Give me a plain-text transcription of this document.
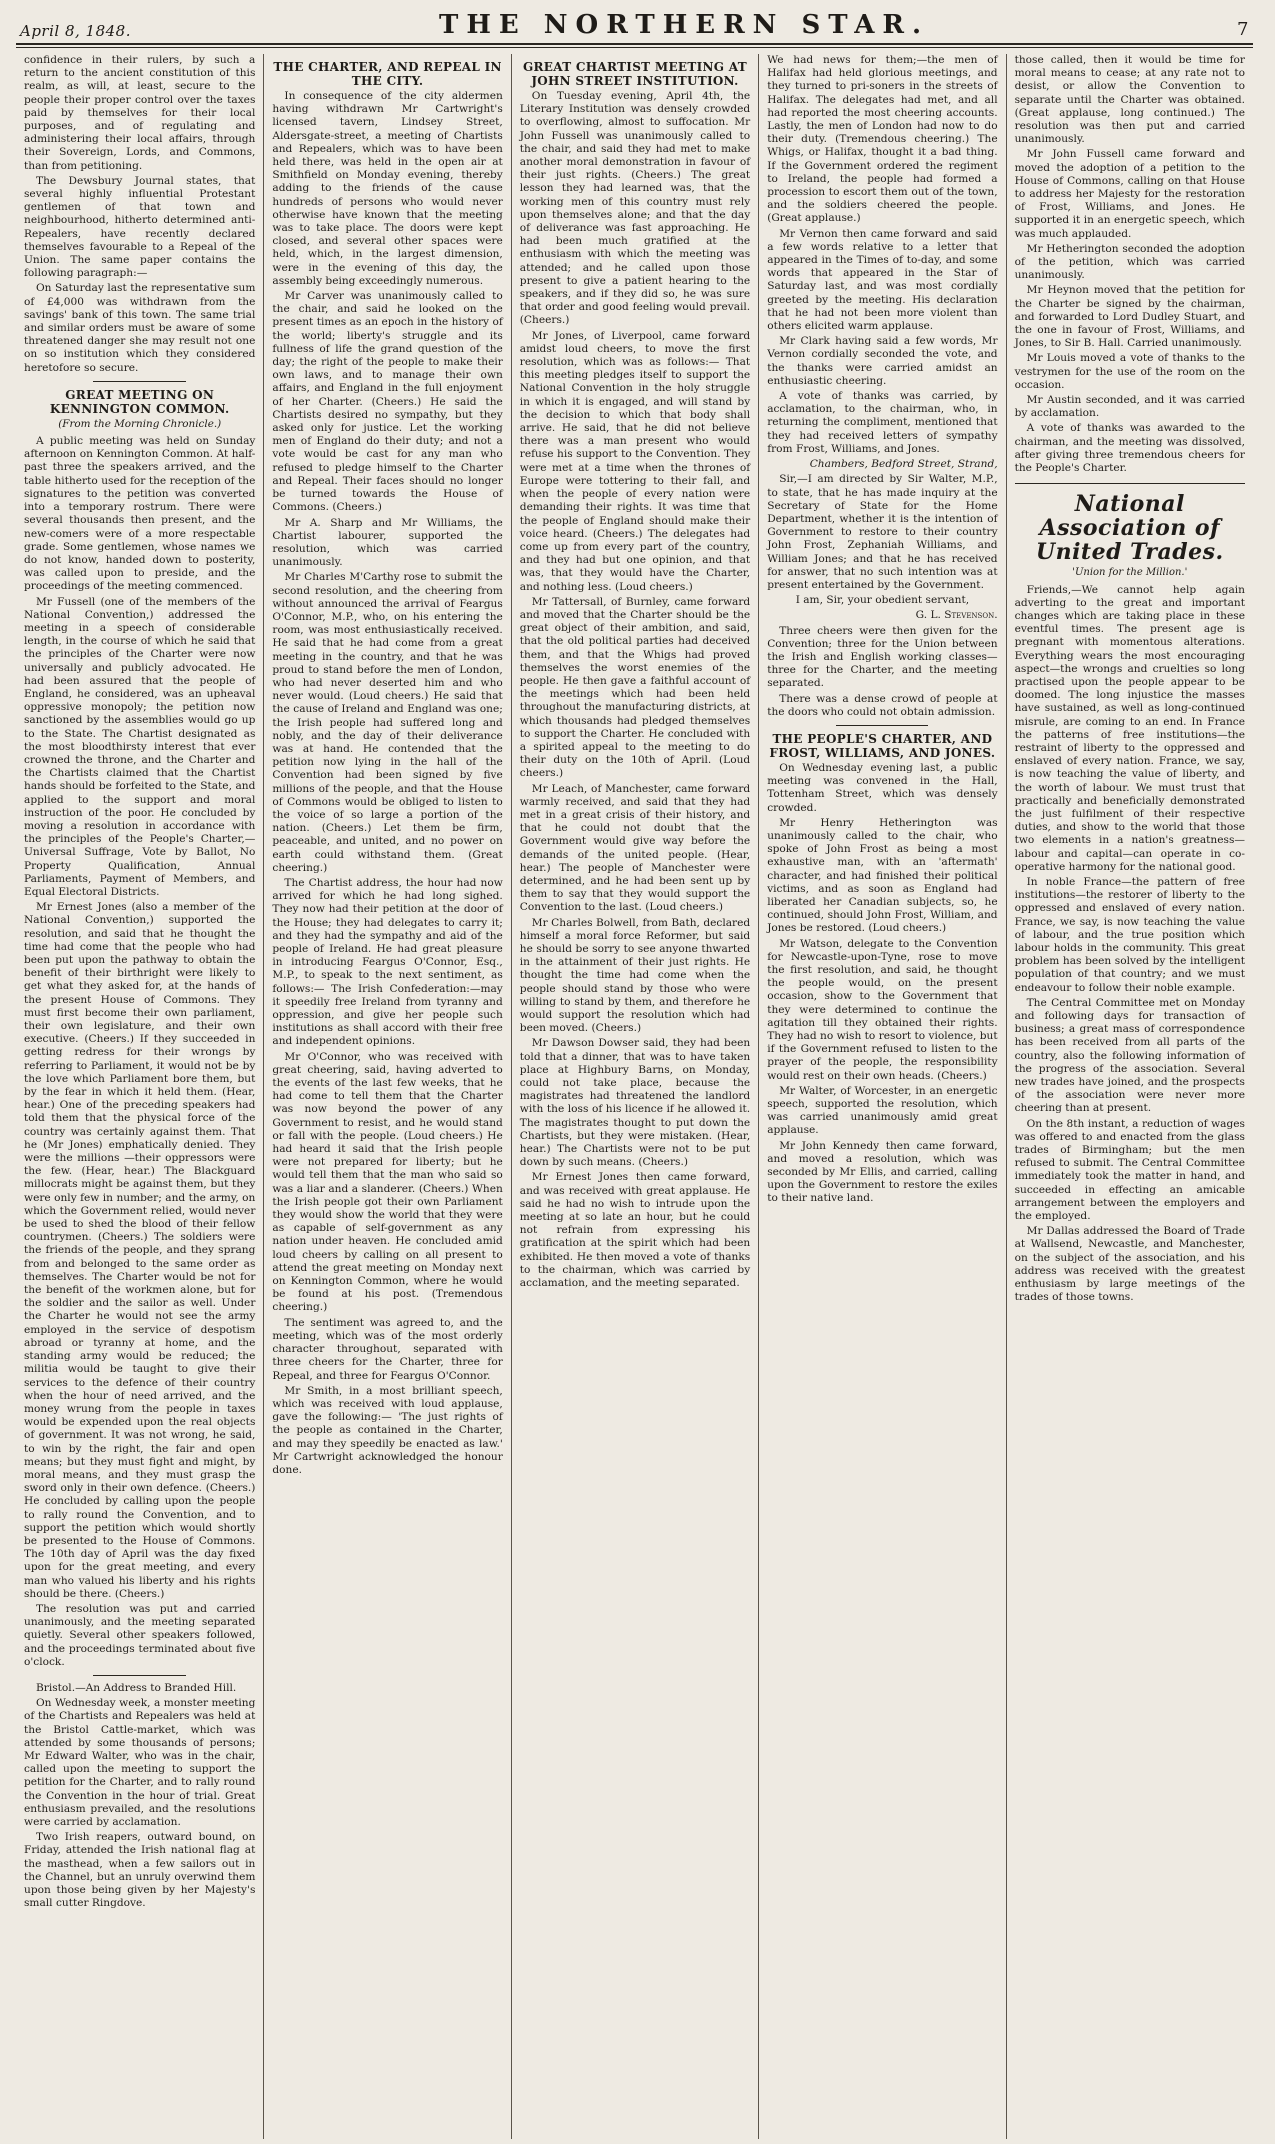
April 8, 1848.	THE NORTHERN STAR.	7

confidence in their rulers, by such a return to the ancient constitution of this realm, as will, at least, secure to the people their proper control over the taxes paid by themselves for their local purposes, and of regulating and administering their local affairs, through their Sovereign, Lords, and Commons, than from petitioning.

The Dewsbury Journal states, that several highly influential Protestant gentlemen of that town and neighbourhood, hitherto determined anti-Repealers, have recently declared themselves favourable to a Repeal of the Union. The same paper contains the following paragraph:—

On Saturday last the representative sum of £4,000 was withdrawn from the savings' bank of this town. The same trial and similar orders must be aware of some threatened danger she may result not one on so institution which they considered heretofore so secure.

GREAT MEETING ON KENNINGTON COMMON.
(From the Morning Chronicle.)

A public meeting was held on Sunday afternoon on Kennington Common. At half-past three the speakers arrived, and the table hitherto used for the reception of the signatures to the petition was converted into a temporary rostrum. There were several thousands then present, and the new-comers were of a more respectable grade. Some gentlemen, whose names we do not know, handed down to posterity, was called upon to preside, and the proceedings of the meeting commenced.

Mr Fussell (one of the members of the National Convention,) addressed the meeting in a speech of considerable length, in the course of which he said that the principles of the Charter were now universally and publicly advocated. He had been assured that the people of England, he considered, was an upheaval oppressive monopoly; the petition now sanctioned by the assemblies would go up to the State. The Chartist designated as the most bloodthirsty interest that ever crowned the throne, and the Charter and the Chartists claimed that the Chartist hands should be forfeited to the State, and applied to the support and moral instruction of the poor. He concluded by moving a resolution in accordance with the principles of the People's Charter,—Universal Suffrage, Vote by Ballot, No Property Qualification, Annual Parliaments, Payment of Members, and Equal Electoral Districts.

Mr Ernest Jones (also a member of the National Convention,) supported the resolution, and said that he thought the time had come that the people who had been put upon the pathway to obtain the benefit of their birthright were likely to get what they asked for, at the hands of the present House of Commons. They must first become their own parliament, their own legislature, and their own executive. (Cheers.) If they succeeded in getting redress for their wrongs by referring to Parliament, it would not be by the love which Parliament bore them, but by the fear in which it held them. (Hear, hear.) One of the preceding speakers had told them that the physical force of the country was certainly against them. That he (Mr Jones) emphatically denied. They were the millions —their oppressors were the few. (Hear, hear.) The Blackguard millocrats might be against them, but they were only few in number; and the army, on which the Government relied, would never be used to shed the blood of their fellow countrymen. (Cheers.) The soldiers were the friends of the people, and they sprang from and belonged to the same order as themselves. The Charter would be not for the benefit of the workmen alone, but for the soldier and the sailor as well. Under the Charter he would not see the army employed in the service of despotism abroad or tyranny at home, and the standing army would be reduced; the militia would be taught to give their services to the defence of their country when the hour of need arrived, and the money wrung from the people in taxes would be expended upon the real objects of government. It was not wrong, he said, to win by the right, the fair and open means; but they must fight and might, by moral means, and they must grasp the sword only in their own defence. (Cheers.) He concluded by calling upon the people to rally round the Convention, and to support the petition which would shortly be presented to the House of Commons. The 10th day of April was the day fixed upon for the great meeting, and every man who valued his liberty and his rights should be there. (Cheers.)

The resolution was put and carried unanimously, and the meeting separated quietly. Several other speakers followed, and the proceedings terminated about five o'clock.

Bristol.—An Address to Branded Hill.

On Wednesday week, a monster meeting of the Chartists and Repealers was held at the Bristol Cattle-market, which was attended by some thousands of persons; Mr Edward Walter, who was in the chair, called upon the meeting to support the petition for the Charter, and to rally round the Convention in the hour of trial. Great enthusiasm prevailed, and the resolutions were carried by acclamation.

Two Irish reapers, outward bound, on Friday, attended the Irish national flag at the masthead, when a few sailors out in the Channel, but an unruly overwind them upon those being given by her Majesty's small cutter Ringdove.

THE CHARTER, AND REPEAL IN THE CITY.

In consequence of the city aldermen having withdrawn Mr Cartwright's licensed tavern, Lindsey Street, Aldersgate-street, a meeting of Chartists and Repealers, which was to have been held there, was held in the open air at Smithfield on Monday evening, thereby adding to the friends of the cause hundreds of persons who would never otherwise have known that the meeting was to take place. The doors were kept closed, and several other spaces were held, which, in the largest dimension, were in the evening of this day, the assembly being exceedingly numerous.

Mr Carver was unanimously called to the chair, and said he looked on the present times as an epoch in the history of the world; liberty's struggle and its fullness of life the grand question of the day; the right of the people to make their own laws, and to manage their own affairs, and England in the full enjoyment of her Charter. (Cheers.) He said the Chartists desired no sympathy, but they asked only for justice. Let the working men of England do their duty; and not a vote would be cast for any man who refused to pledge himself to the Charter and Repeal. Their faces should no longer be turned towards the House of Commons. (Cheers.)

Mr A. Sharp and Mr Williams, the Chartist labourer, supported the resolution, which was carried unanimously.

Mr Charles M'Carthy rose to submit the second resolution, and the cheering from without announced the arrival of Feargus O'Connor, M.P., who, on his entering the room, was most enthusiastically received. He said that he had come from a great meeting in the country, and that he was proud to stand before the men of London, who had never deserted him and who never would. (Loud cheers.) He said that the cause of Ireland and England was one; the Irish people had suffered long and nobly, and the day of their deliverance was at hand. He contended that the petition now lying in the hall of the Convention had been signed by five millions of the people, and that the House of Commons would be obliged to listen to the voice of so large a portion of the nation. (Cheers.) Let them be firm, peaceable, and united, and no power on earth could withstand them. (Great cheering.)

The Chartist address, the hour had now arrived for which he had long sighed. They now had their petition at the door of the House; they had delegates to carry it; and they had the sympathy and aid of the people of Ireland. He had great pleasure in introducing Feargus O'Connor, Esq., M.P., to speak to the next sentiment, as follows:— The Irish Confederation:—may it speedily free Ireland from tyranny and oppression, and give her people such institutions as shall accord with their free and independent opinions.

Mr O'Connor, who was received with great cheering, said, having adverted to the events of the last few weeks, that he had come to tell them that the Charter was now beyond the power of any Government to resist, and he would stand or fall with the people. (Loud cheers.) He had heard it said that the Irish people were not prepared for liberty; but he would tell them that the man who said so was a liar and a slanderer. (Cheers.) When the Irish people got their own Parliament they would show the world that they were as capable of self-government as any nation under heaven. He concluded amid loud cheers by calling on all present to attend the great meeting on Monday next on Kennington Common, where he would be found at his post. (Tremendous cheering.)

The sentiment was agreed to, and the meeting, which was of the most orderly character throughout, separated with three cheers for the Charter, three for Repeal, and three for Feargus O'Connor.

Mr Smith, in a most brilliant speech, which was received with loud applause, gave the following:— 'The just rights of the people as contained in the Charter, and may they speedily be enacted as law.' Mr Cartwright acknowledged the honour done.

GREAT CHARTIST MEETING AT JOHN STREET INSTITUTION.

On Tuesday evening, April 4th, the Literary Institution was densely crowded to overflowing, almost to suffocation. Mr John Fussell was unanimously called to the chair, and said they had met to make another moral demonstration in favour of their just rights. (Cheers.) The great lesson they had learned was, that the working men of this country must rely upon themselves alone; and that the day of deliverance was fast approaching. He had been much gratified at the enthusiasm with which the meeting was attended; and he called upon those present to give a patient hearing to the speakers, and if they did so, he was sure that order and good feeling would prevail. (Cheers.)

Mr Jones, of Liverpool, came forward amidst loud cheers, to move the first resolution, which was as follows:— That this meeting pledges itself to support the National Convention in the holy struggle in which it is engaged, and will stand by the decision to which that body shall arrive. He said, that he did not believe there was a man present who would refuse his support to the Convention. They were met at a time when the thrones of Europe were tottering to their fall, and when the people of every nation were demanding their rights. It was time that the people of England should make their voice heard. (Cheers.) The delegates had come up from every part of the country, and they had but one opinion, and that was, that they would have the Charter, and nothing less. (Loud cheers.)

Mr Tattersall, of Burnley, came forward and moved that the Charter should be the great object of their ambition, and said, that the old political parties had deceived them, and that the Whigs had proved themselves the worst enemies of the people. He then gave a faithful account of the meetings which had been held throughout the manufacturing districts, at which thousands had pledged themselves to support the Charter. He concluded with a spirited appeal to the meeting to do their duty on the 10th of April. (Loud cheers.)

Mr Leach, of Manchester, came forward warmly received, and said that they had met in a great crisis of their history, and that he could not doubt that the Government would give way before the demands of the united people. (Hear, hear.) The people of Manchester were determined, and he had been sent up by them to say that they would support the Convention to the last. (Loud cheers.)

Mr Charles Bolwell, from Bath, declared himself a moral force Reformer, but said he should be sorry to see anyone thwarted in the attainment of their just rights. He thought the time had come when the people should stand by those who were willing to stand by them, and therefore he would support the resolution which had been moved. (Cheers.)

Mr Dawson Dowser said, they had been told that a dinner, that was to have taken place at Highbury Barns, on Monday, could not take place, because the magistrates had threatened the landlord with the loss of his licence if he allowed it. The magistrates thought to put down the Chartists, but they were mistaken. (Hear, hear.) The Chartists were not to be put down by such means. (Cheers.)

Mr Ernest Jones then came forward, and was received with great applause. He said he had no wish to intrude upon the meeting at so late an hour, but he could not refrain from expressing his gratification at the spirit which had been exhibited. He then moved a vote of thanks to the chairman, which was carried by acclamation, and the meeting separated.

We had news for them;—the men of Halifax had held glorious meetings, and they turned to pri-soners in the streets of Halifax. The delegates had met, and all had reported the most cheering accounts. Lastly, the men of London had now to do their duty. (Tremendous cheering.) The Whigs, or Halifax, thought it a bad thing. If the Government ordered the regiment to Ireland, the people had formed a procession to escort them out of the town, and the soldiers cheered the people. (Great applause.)

Mr Vernon then came forward and said a few words relative to a letter that appeared in the Times of to-day, and some words that appeared in the Star of Saturday last, and was most cordially greeted by the meeting. His declaration that he had not been more violent than others elicited warm applause.

Mr Clark having said a few words, Mr Vernon cordially seconded the vote, and the thanks were carried amidst an enthusiastic cheering.

A vote of thanks was carried, by acclamation, to the chairman, who, in returning the compliment, mentioned that they had received letters of sympathy from Frost, Williams, and Jones.

Chambers, Bedford Street, Strand,

Sir,—I am directed by Sir Walter, M.P., to state, that he has made inquiry at the Secretary of State for the Home Department, whether it is the intention of Government to restore to their country John Frost, Zephaniah Williams, and William Jones; and that he has received for answer, that no such intention was at present entertained by the Government.

I am, Sir, your obedient servant,

G. L. Stevenson.

Three cheers were then given for the Convention; three for the Union between the Irish and English working classes—three for the Charter, and the meeting separated.

There was a dense crowd of people at the doors who could not obtain admission.

THE PEOPLE'S CHARTER, AND FROST, WILLIAMS, AND JONES.

On Wednesday evening last, a public meeting was convened in the Hall, Tottenham Street, which was densely crowded.

Mr Henry Hetherington was unanimously called to the chair, who spoke of John Frost as being a most exhaustive man, with an 'aftermath' character, and had finished their political victims, and as soon as England had liberated her Canadian subjects, so, he continued, should John Frost, William, and Jones be restored. (Loud cheers.)

Mr Watson, delegate to the Convention for Newcastle-upon-Tyne, rose to move the first resolution, and said, he thought the people would, on the present occasion, show to the Government that they were determined to continue the agitation till they obtained their rights. They had no wish to resort to violence, but if the Government refused to listen to the prayer of the people, the responsibility would rest on their own heads. (Cheers.)

Mr Walter, of Worcester, in an energetic speech, supported the resolution, which was carried unanimously amid great applause.

Mr John Kennedy then came forward, and moved a resolution, which was seconded by Mr Ellis, and carried, calling upon the Government to restore the exiles to their native land.

those called, then it would be time for moral means to cease; at any rate not to desist, or allow the Convention to separate until the Charter was obtained. (Great applause, long continued.) The resolution was then put and carried unanimously.

Mr John Fussell came forward and moved the adoption of a petition to the House of Commons, calling on that House to address her Majesty for the restoration of Frost, Williams, and Jones. He supported it in an energetic speech, which was much applauded.

Mr Hetherington seconded the adoption of the petition, which was carried unanimously.

Mr Heynon moved that the petition for the Charter be signed by the chairman, and forwarded to Lord Dudley Stuart, and the one in favour of Frost, Williams, and Jones, to Sir B. Hall. Carried unanimously.

Mr Louis moved a vote of thanks to the vestrymen for the use of the room on the occasion.

Mr Austin seconded, and it was carried by acclamation.

A vote of thanks was awarded to the chairman, and the meeting was dissolved, after giving three tremendous cheers for the People's Charter.

National Association of United Trades.
'Union for the Million.'

Friends,—We cannot help again adverting to the great and important changes which are taking place in these eventful times. The present age is pregnant with momentous alterations. Everything wears the most encouraging aspect—the wrongs and cruelties so long practised upon the people appear to be doomed. The long injustice the masses have sustained, as well as long-continued misrule, are coming to an end. In France the patterns of free institutions—the restraint of liberty to the oppressed and enslaved of every nation. France, we say, is now teaching the value of liberty, and the worth of labour. We must trust that practically and beneficially demonstrated the just fulfilment of their respective duties, and show to the world that those two elements in a nation's greatness—labour and capital—can operate in co-operative harmony for the national good.

In noble France—the pattern of free institutions—the restorer of liberty to the oppressed and enslaved of every nation. France, we say, is now teaching the value of labour, and the true position which labour holds in the community. This great problem has been solved by the intelligent population of that country; and we must endeavour to follow their noble example.

The Central Committee met on Monday and following days for transaction of business; a great mass of correspondence has been received from all parts of the country, also the following information of the progress of the association. Several new trades have joined, and the prospects of the association were never more cheering than at present.

On the 8th instant, a reduction of wages was offered to and enacted from the glass trades of Birmingham; but the men refused to submit. The Central Committee immediately took the matter in hand, and succeeded in effecting an amicable arrangement between the employers and the employed.

Mr Dallas addressed the Board of Trade at Wallsend, Newcastle, and Manchester, on the subject of the association, and his address was received with the greatest enthusiasm by large meetings of the trades of those towns.
